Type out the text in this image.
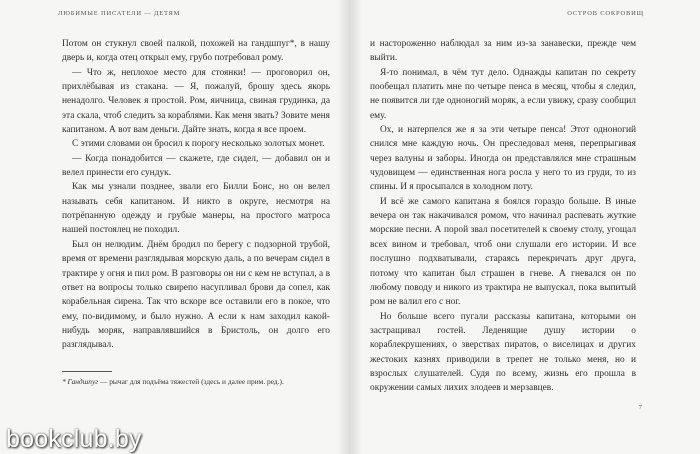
ЛЮБИМЫЕ ПИСАТЕЛИ — ДЕТЯМ

Потом он стукнул своей палкой, похожей на гандшпуг*, в нашу дверь и, когда отец открыл ему, грубо потребовал рому.

— Что ж, неплохое место для стоянки! — проговорил он, прихлёбывая из стакана. — Я, пожалуй, брошу здесь якорь ненадолго. Человек я простой. Ром, яичница, свиная грудинка, да эта скала, чтоб следить за кораблями. Как меня звать? Зовите меня капитаном. А вот вам деньги. Дайте знать, когда я все проем.

С этими словами он бросил к порогу несколько золотых монет.

— Когда понадобится — скажете, где сидел, — добавил он и велел принести его сундук.

Как мы узнали позднее, звали его Билли Бонс, но он велел называть себя капитаном. И никто в округе, несмотря на потрёпанную одежду и грубые манеры, на простого матроса нашей постоялец не походил.

Был он нелюдим. Днём бродил по берегу с подзорной трубой, время от времени разглядывая морскую даль, а по вечерам сидел в трактире у огня и пил ром. В разговоры он ни с кем не вступал, а в ответ на вопросы только свирепо насупливал брови да сопел, как корабельная сирена. Так что вскоре все оставили его в покое, что ему, по-видимому, и было нужно. А если к нам заходил какой-нибудь моряк, направлявшийся в Бристоль, он долго его разглядывал.

* Гандшпуг — рычаг для подъёма тяжестей (здесь и далее прим. ред.).
ОСТРОВ СОКРОВИЩ

и настороженно наблюдал за ним из-за занавески, прежде чем выйти.

Я-то понимал, в чём тут дело. Однажды капитан по секрету пообещал платить мне по четыре пенса в месяц, чтобы я следил, не появится ли где одноногий моряк, а если увижу, сразу сообщил ему.

Ох, и натерпелся же я за эти четыре пенса! Этот одноногий снился мне каждую ночь. Он преследовал меня, перепрыгивая через валуны и заборы. Иногда он представлялся мне страшным чудовищем — единственная нога росла у него то из груди, то из спины. И я просыпался в холодном поту.

И всё же самого капитана я боялся гораздо больше. В иные вечера он так накачивался ромом, что начинал распевать жуткие морские песни. А порой звал посетителей к своему столу, угощал всех вином и требовал, чтоб они слушали его истории. И все послушно подхватывали, стараясь перекричать друг друга, потому что капитан был страшен в гневе. А гневался он по любому поводу и никого из трактира не выпускал, пока выпитый ром не валил его с ног.

Но больше всего пугали рассказы капитана, которыми он застращивал гостей. Леденящие душу истории о кораблекрушениях, о зверствах пиратов, о виселицах и других жестоких казнях приводили в трепет не только меня, но и взрослых слушателей. Судя по всему, жизнь его прошла в окружении самых лихих злодеев и мерзавцев.

7
bookclub.by
